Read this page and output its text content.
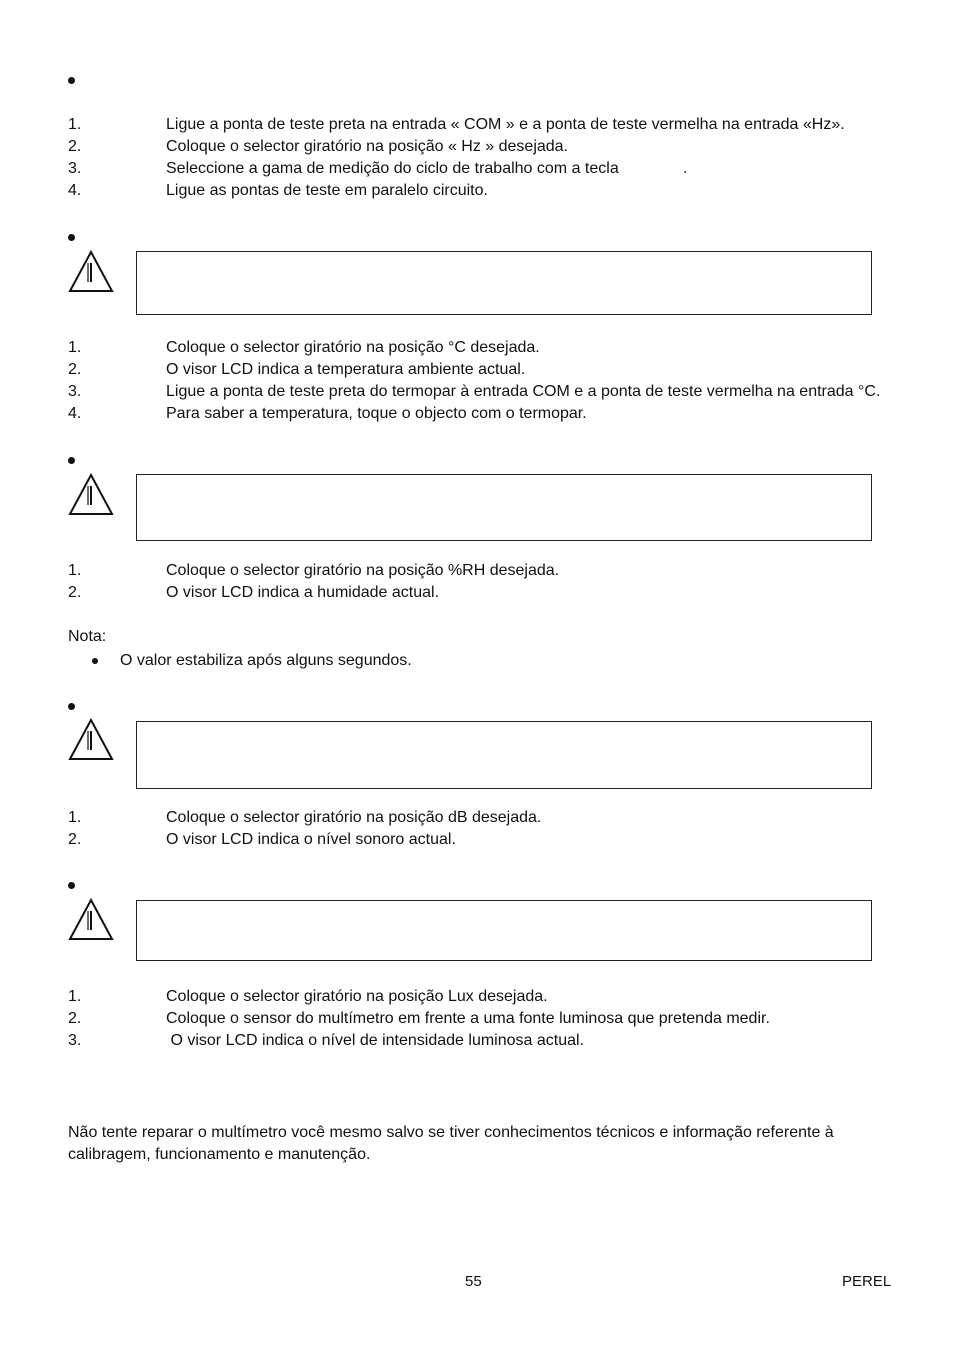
1.	Ligue a ponta de teste preta na entrada « COM » e a ponta de teste vermelha na entrada «Hz».
2.	Coloque o selector giratório na posição « Hz » desejada.
3.	Seleccione a gama de medição do ciclo de trabalho com a tecla	.
4.	Ligue as pontas de teste em paralelo circuito.
1.	Coloque o selector giratório na posição °C desejada.
2.	O visor LCD indica a temperatura ambiente actual.
3.	Ligue a ponta de teste preta do termopar à entrada COM e a ponta de teste vermelha na entrada °C.
4.	Para saber a temperatura, toque o objecto com o termopar.
1.	Coloque o selector giratório na posição %RH desejada.
2.	O visor LCD indica a humidade actual.
Nota:
O valor estabiliza após alguns segundos.
1.	Coloque o selector giratório na posição dB desejada.
2.	O visor LCD indica o nível sonoro actual.
1.	Coloque o selector giratório na posição Lux desejada.
2.	Coloque o sensor do multímetro em frente a uma fonte luminosa que pretenda medir.
3.	O visor LCD indica o nível de intensidade luminosa actual.
Não tente reparar o multímetro você mesmo salvo se tiver conhecimentos técnicos e informação referente à
calibragem, funcionamento e manutenção.
55	PEREL
